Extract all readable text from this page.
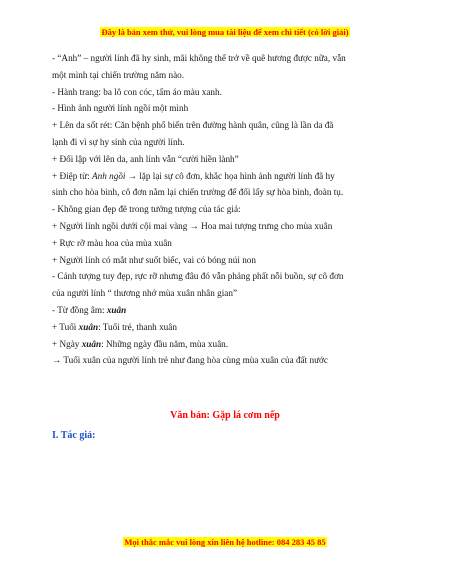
Đây là bản xem thử, vui lòng mua tài liệu để xem chi tiết (có lời giải)
- “Anh” – người lính đã hy sinh, mãi không thể trở về quê hương được nữa, vẫn
một mình tại chiến trường năm nào.
- Hành trang: ba lô con cóc, tấm áo màu xanh.
- Hình ảnh người lính ngồi một mình
+ Lên da sốt rét: Căn bệnh phổ biến trên đường hành quân, cũng là lần da đã
lạnh đi vì sự hy sinh của người lính.
+ Đối lập với lên da, anh lính vẫn “cười hiền lành”
+ Điệp từ: Anh ngồi → lặp lại sự cô đơn, khắc họa hình ảnh người lính đã hy
sinh cho hòa bình, cô đơn nằm lại chiến trường để đổi lấy sự hòa bình, đoàn tụ.
- Không gian đẹp đẽ trong tưởng tượng của tác giả:
+ Người lính ngồi dưới cội mai vàng → Hoa mai tượng trưng cho mùa xuân
+ Rực rỡ màu hoa của mùa xuân
+ Người lính có mắt như suốt biếc, vai có bóng núi non
- Cảnh tượng tuy đẹp, rực rỡ nhưng đâu đó vẫn phảng phất nỗi buồn, sự cô đơn
của người lính “ thương nhớ mùa xuân nhân gian”
- Từ đồng âm: xuân
+ Tuổi xuân: Tuổi trẻ, thanh xuân
+ Ngày xuân: Những ngày đầu năm, mùa xuân.
→ Tuổi xuân của người lính trẻ như đang hòa cùng mùa xuân của đất nước
Văn bản: Gặp lá cơm nếp
I. Tác giả:
Mọi thắc mắc vui lòng xin liên hệ hotline: 084 283 45 85
